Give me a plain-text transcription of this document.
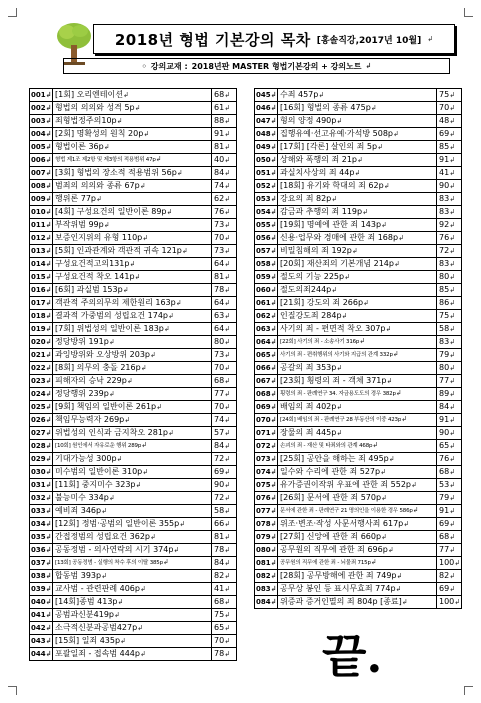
2018년 형법 기본강의 목차 [홍솔직강,2017년 10월] ↲
◦ 강의교재 : 2018년판 MASTER 형법기본강의 + 강의노트 ↲
001↲	[1회] 오리엔테이션↲	68↲
002↲	형법의 의의와 성격 5p↲	61↲
003↲	죄형법정주의10p↲	88↲
004↲	[2회] 명확성의 원칙 20p↲	91↲
005↲	형법이론 36p↲	81↲
006↲	형법 제1조 제2항 및 제3항의 적용범위 47p↲	40↲
007↲	[3회] 형법의 장소적 적용범위 56p↲	84↲
008↲	범죄의 의의와 종류 67p↲	74↲
009↲	행위론 77p↲	62↲
010↲	[4회] 구성요건의 일반이론 89p↲	76↲
011↲	부작위범 99p↲	73↲
012↲	보증인지위의 유형 110p↲	70↲
013↲	[5회] 인과관계와 객관적 귀속 121p↲	73↲
014↲	구성요건적고의131p↲	64↲
015↲	구성요건적 착오 141p↲	81↲
016↲	[6회] 과실범 153p↲	78↲
017↲	객관적 주의의무의 제한원리 163p↲	64↲
018↲	결과적 가중범의 성립요건 174p↲	63↲
019↲	[7회] 위법성의 일반이론 183p↲	64↲
020↲	정당방위 191p↲	80↲
021↲	과잉방위와 오상방위 203p↲	73↲
022↲	[8회] 의무의 충돌 216p↲	70↲
023↲	피해자의 승낙 229p↲	68↲
024↲	정당행위 239p↲	77↲
025↲	[9회] 책임의 일반이론 261p↲	70↲
026↲	책임무능력자 269p↲	74↲
027↲	위법성의 인식과 금지착오 281p↲	57↲
028↲	[10회] 원인에서 자유로운 행위 289p↲	84↲
029↲	기대가능성 300p↲	72↲
030↲	미수범의 일반이론 310p↲	69↲
031↲	[11회] 중지미수 323p↲	90↲
032↲	불능미수 334p↲	72↲
033↲	예비죄 346p↲	58↲
034↲	[12회] 정범·공범의 일반이론 355p↲	66↲
035↲	간접정범의 성립요건 362p↲	81↲
036↲	공동정범 - 의사연락의 시기 374p↲	78↲
037↲	[13회] 공동정범 - 실행의 착수 후의 이탈 385p↲	84↲
038↲	합동범 393p↲	82↲
039↲	교사범 - 관련판례 406p↲	41↲
040↲	[14회]종범 413p↲	68↲
041↲	공범과신분419p↲	75↲
042↲	소극적신분과공범427p↲	65↲
043↲	[15회] 일죄 435p↲	70↲
044↲	포괄일죄 - 접속범 444p↲	78↲
045↲	수죄 457p↲	75↲
046↲	[16회] 형벌의 종류 475p↲	70↲
047↲	형의 양정 490p↲	48↲
048↲	집행유예·선고유예·가석방 508p↲	69↲
049↲	[17회] [각론] 살인의 죄 5p↲	85↲
050↲	상해와 폭행의 죄 21p↲	91↲
051↲	과실치사상의 죄 44p↲	41↲
052↲	[18회] 유기와 학대의 죄 62p↲	90↲
053↲	강요의 죄 82p↲	83↲
054↲	감금과 추행의 죄 119p↲	83↲
055↲	[19회] 명예에 관한 죄 143p↲	92↲
056↲	신용·업무와 경매에 관한 죄 168p↲	76↲
057↲	비밀침해의 죄 192p↲	72↲
058↲	[20회] 재산죄의 기본개념 214p↲	83↲
059↲	절도의 기능 225p↲	80↲
060↲	절도의죄244p↲	85↲
061↲	[21회] 강도의 죄 266p↲	86↲
062↲	인질강도죄 284p↲	75↲
063↲	사기의 죄 - 편면적 착오 307p↲	58↲
064↲	[22회] 사기의 죄 - 소송사기 316p↲	83↲
065↲	사기의 죄 - 편취행위의 사기와 지급의 관계 332p↲	79↲
066↲	공갈의 죄 353p↲	80↲
067↲	[23회] 횡령의 죄 - 객체 371p↲	77↲
068↲	횡령의 죄 - 판례연구 34. 자금용도도의 경우 382p↲	89↲
069↲	배임의 죄 402p↲	84↲
070↲	[24회] 배임의 죄 - 판례연구 28 부동산의 이중 423p↲	91↲
071↲	장물의 죄 445p↲	90↲
072↲	손괴의 죄 - 재산 및 타죄와의 관계 468p↲	65↲
073↲	[25회] 공안을 해하는 죄 495p↲	76↲
074↲	일수와 수리에 관한 죄 527p↲	68↲
075↲	유가증권이작위 우표에 관한 죄 552p↲	53↲
076↲	[26회] 문서에 관한 죄 570p↲	79↲
077↲	문서에 관한 죄 - 판례연구 21 명의인을 이용한 경우 586p↲	91↲
078↲	위조·변조·작성 사문서행사죄 617p↲	69↲
079↲	[27회] 신앙에 관한 죄 660p↲	68↲
080↲	공무원의 직무에 관한 죄 696p↲	77↲
081↲	공무원의 직무에 관한 죄 - 뇌물죄 715p↲	100↲
082↲	[28회] 공무방해에 관한 죄 749p↲	82↲
083↲	공무상 봉인 등 표시무효죄 774p↲	69↲
084↲	위증과 증거인멸의 죄 804p [종료]↲	100↲
끝.
